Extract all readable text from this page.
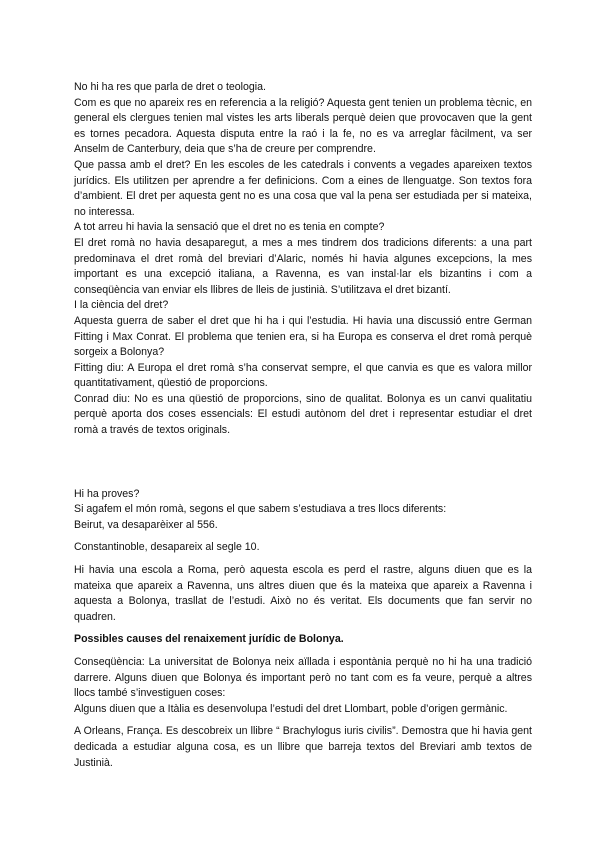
No hi ha res que parla de dret o teologia.

Com es que no apareix res en referencia a la religió? Aquesta gent tenien un problema tècnic, en general els clergues tenien mal vistes les arts liberals perquè deien que provocaven que la gent es tornes pecadora. Aquesta disputa entre la raó i la fe, no es va arreglar fàcilment, va ser Anselm de Canterbury, deia que s’ha de creure per comprendre.

Que passa amb el dret? En les escoles de les catedrals i convents a vegades apareixen textos jurídics. Els utilitzen per aprendre a fer definicions. Com a eines de llenguatge. Son textos fora d’ambient. El dret per aquesta gent no es una cosa que val la pena ser estudiada per si mateixa, no interessa.

A tot arreu hi havia la sensació que el dret no es tenia en compte?

El dret romà no havia desaparegut, a mes a mes tindrem dos tradicions diferents: a una part predominava el dret romà del breviari d’Alaric, només hi havia algunes excepcions, la mes important es una excepció italiana, a Ravenna, es van instal·lar els bizantins i com a conseqüència van enviar els llibres de lleis de justinià. S’utilitzava el dret bizantí.

I la ciència del dret?

Aquesta guerra de saber el dret que hi ha i qui l’estudia. Hi havia una discussió entre German Fitting i Max Conrat. El problema que tenien era, si ha Europa es conserva el dret romà perquè sorgeix a Bolonya?

Fitting diu: A Europa el dret romà s’ha conservat sempre, el que canvia es que es valora millor quantitativament, qüestió de proporcions.

Conrad diu: No es una qüestió de proporcions, sino de qualitat. Bolonya es un canvi qualitatiu perquè aporta dos coses essencials: El estudi autònom del dret i representar estudiar el dret romà a través de textos originals.

Hi ha proves?

Si agafem el món romà, segons el que sabem s’estudiava a tres llocs diferents:

Beirut, va desaparèixer al 556.

Constantinoble, desapareix al segle 10.

Hi havia una escola a Roma, però aquesta escola es perd el rastre, alguns diuen que es la mateixa que apareix a Ravenna, uns altres diuen que és la mateixa que apareix a Ravenna i aquesta a Bolonya, trasllat de l’estudi. Això no és veritat. Els documents que fan servir no quadren.

Possibles causes del renaixement jurídic de Bolonya.

Conseqüència: La universitat de Bolonya neix aïllada i espontània perquè no hi ha una tradició darrere. Alguns diuen que Bolonya és important però no tant com es fa veure, perquè a altres llocs també s’investiguen coses:

Alguns diuen que a Itàlia es desenvolupa l’estudi del dret Llombart, poble d’origen germànic.

A Orleans, França. Es descobreix un llibre “ Brachylogus iuris civilis”. Demostra que hi havia gent dedicada a estudiar alguna cosa, es un llibre que barreja textos del Breviari amb textos de Justinià.
